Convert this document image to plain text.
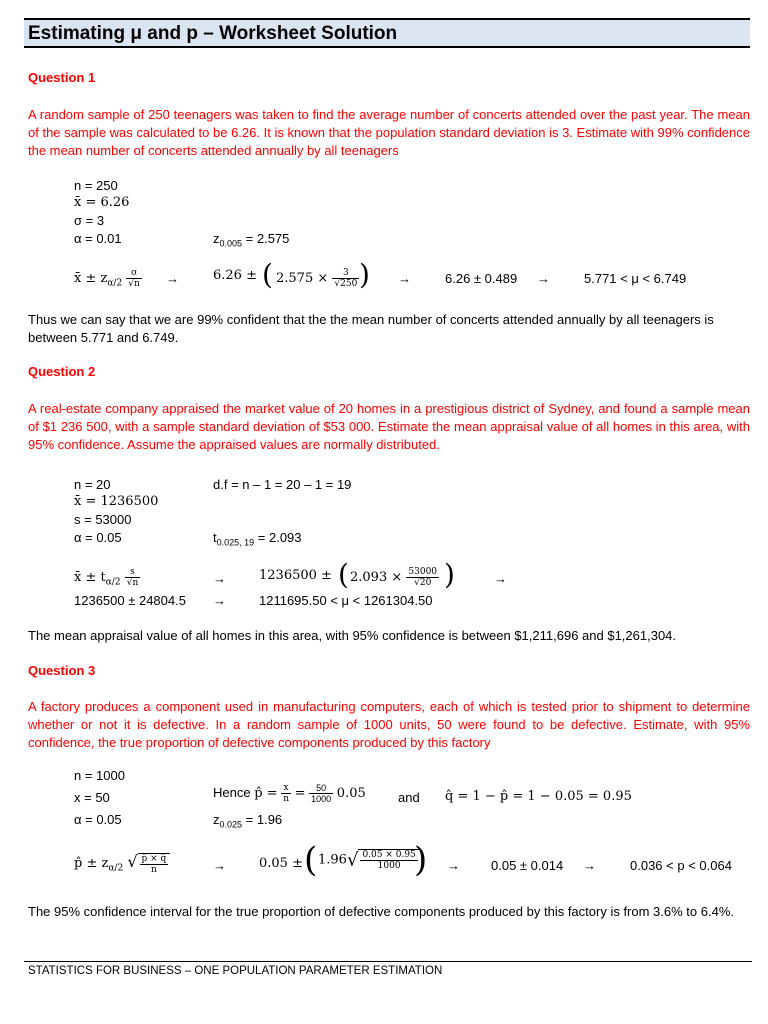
Estimating μ and p – Worksheet Solution
Question 1
A random sample of 250 teenagers was taken to find the average number of concerts attended over the past year. The mean of the sample was calculated to be 6.26. It is known that the population standard deviation is 3. Estimate with 99% confidence the mean number of concerts attended annually by all teenagers
n = 250
x̄ = 6.26
σ = 3
α = 0.01	$z_{0.005} = 2.575$
x̄ ± $z_{\alpha/2} \frac{\sigma}{√n}$ →	6.26 ± ( $2.575 \times \frac{3}{√250}$ ) →	6.26 ± 0.489 →	5.771 < μ < 6.749
Thus we can say that we are 99% confident that the the mean number of concerts attended annually by all teenagers is between 5.771 and 6.749.
Question 2
A real-estate company appraised the market value of 20 homes in a prestigious district of Sydney, and found a sample mean of $1 236 500, with a sample standard deviation of $53 000. Estimate the mean appraisal value of all homes in this area, with 95% confidence. Assume the appraised values are normally distributed.
n = 20	d.f = n – 1 = 20 – 1 = 19
x̄ = 1236500
s = 53000
α = 0.05	$t_{0.025, 19} = 2.093$
x̄ ± $t_{\alpha/2} \frac{s}{√n}$	→	1236500 ± ( $2.093 \times \frac{53000}{√20}$ )	→
1236500 ± 24804.5 →	1211695.50 < μ < 1261304.50
The mean appraisal value of all homes in this area, with 95% confidence is between $1,211,696 and $1,261,304.
Question 3
A factory produces a component used in manufacturing computers, each of which is tested prior to shipment to determine whether or not it is defective. In a random sample of 1000 units, 50 were found to be defective. Estimate, with 95% confidence, the true proportion of defective components produced by this factory
n = 1000
x = 50	Hence p̂ = $\frac{x}{n} = \frac{50}{1000} 0.05$ and q̂ = 1 − p̂ = 1 − 0.05 = 0.95
α = 0.05	$z_{0.025} = 1.96$
p̂ ± $z_{\alpha/2}$ √ $\frac{p̂ \times q̂}{n}$	→	0.05 ± ( $1.96√ \frac{0.05 \times 0.95}{1000}$
) → 0.05 ± 0.014 →	0.036 < p < 0.064
The 95% confidence interval for the true proportion of defective components produced by this factory is from 3.6% to 6.4%.
STATISTICS FOR BUSINESS – ONE POPULATION PARAMETER ESTIMATION
